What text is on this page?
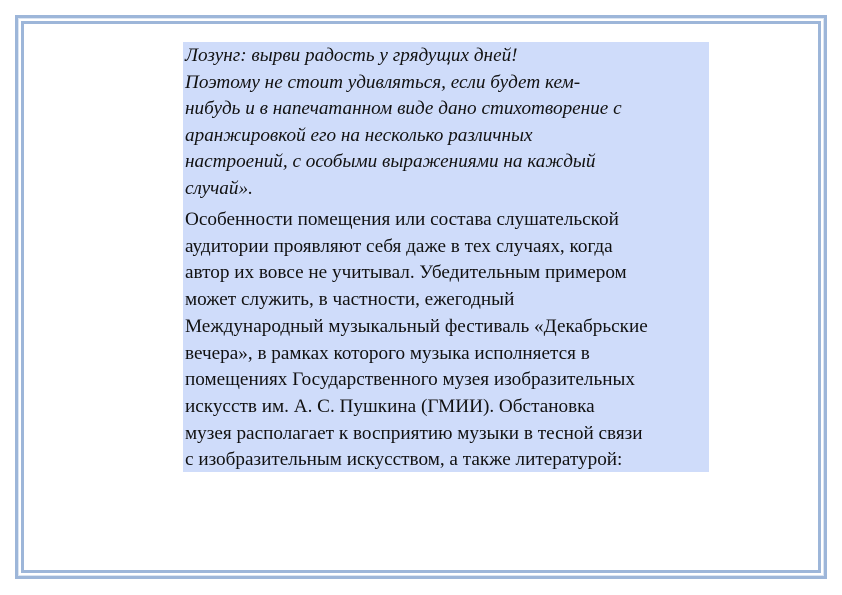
Лозунг: вырви радость у грядущих дней!
Поэтому не стоит удивляться, если будет кем-
нибудь и в напечатанном виде дано стихотворение с
аранжировкой его на несколько различных
настроений, с особыми выражениями на каждый
случай».

Особенности помещения или состава слушательской
аудитории проявляют себя даже в тех случаях, когда
автор их вовсе не учитывал. Убедительным примером
может служить, в частности, ежегодный
Международный музыкальный фестиваль «Декабрьские
вечера», в рамках которого музыка исполняется в
помещениях Государственного музея изобразительных
искусств им. А. С. Пушкина (ГМИИ). Обстановка
музея располагает к восприятию музыки в тесной связи
с изобразительным искусством, а также литературой:
